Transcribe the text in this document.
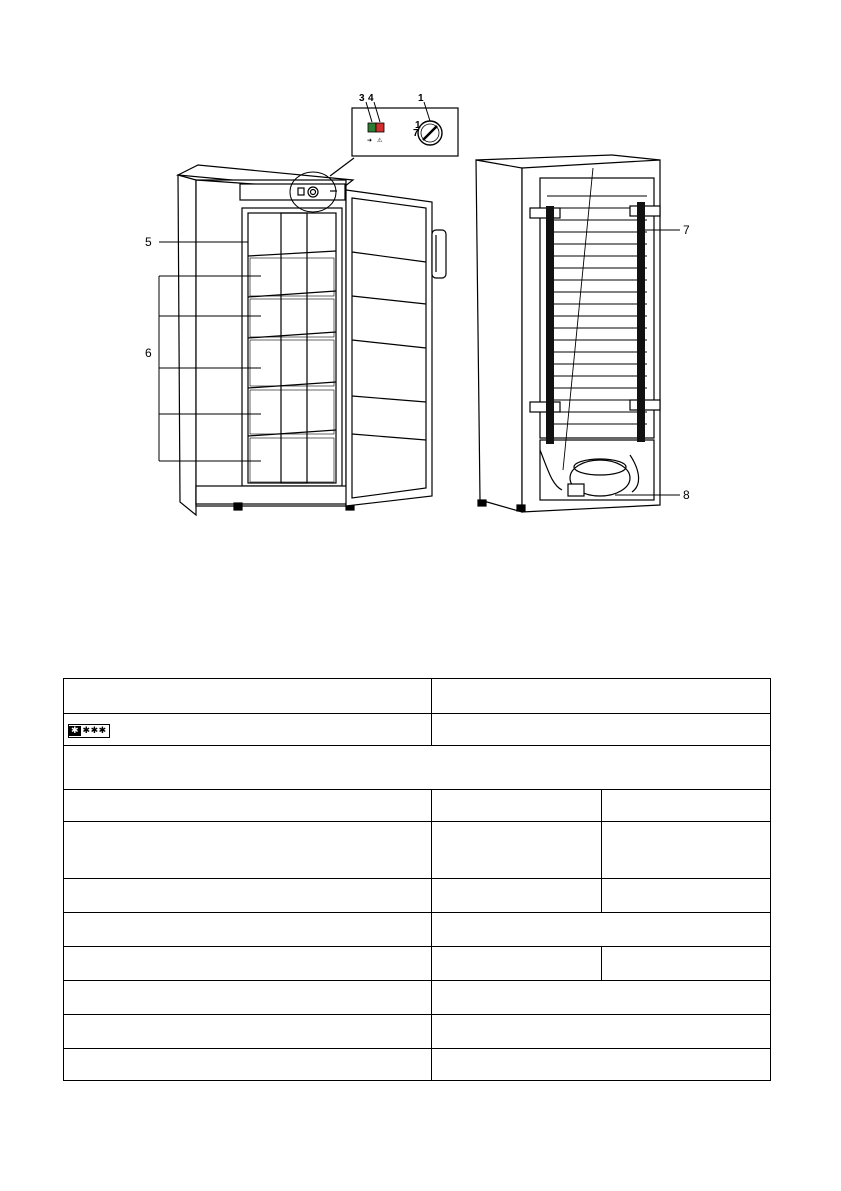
➜ ⚠
7
1
1
3 4
5
6
7
8

✱ ✱✱✱		
